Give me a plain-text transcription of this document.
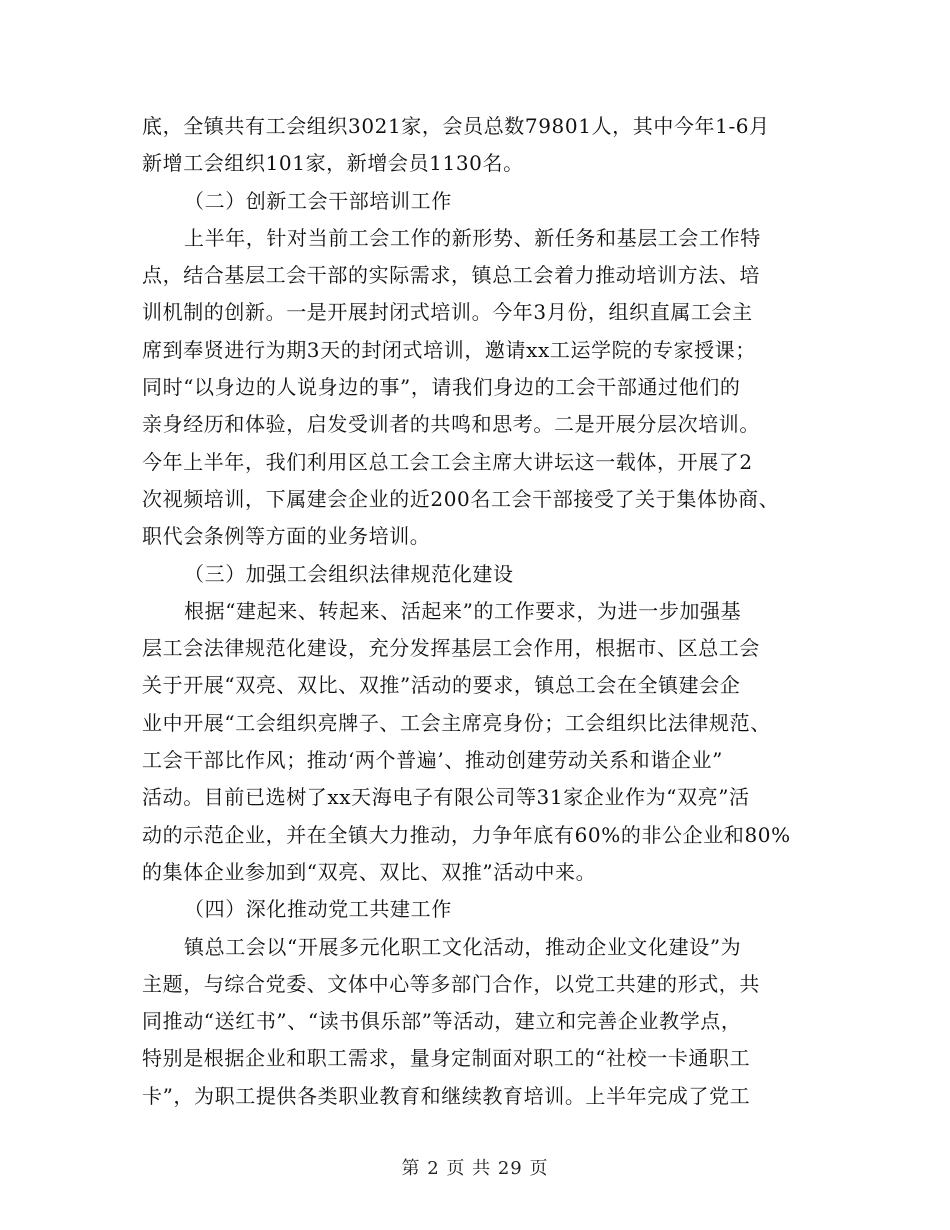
底，全镇共有工会组织3021家，会员总数79801人，其中今年1-6月
新增工会组织101家，新增会员1130名。
（二）创新工会干部培训工作
上半年，针对当前工会工作的新形势、新任务和基层工会工作特
点，结合基层工会干部的实际需求，镇总工会着力推动培训方法、培
训机制的创新。一是开展封闭式培训。今年3月份，组织直属工会主
席到奉贤进行为期3天的封闭式培训，邀请xx工运学院的专家授课；
同时“以身边的人说身边的事”，请我们身边的工会干部通过他们的
亲身经历和体验，启发受训者的共鸣和思考。二是开展分层次培训。
今年上半年，我们利用区总工会工会主席大讲坛这一载体，开展了2
次视频培训，下属建会企业的近200名工会干部接受了关于集体协商、
职代会条例等方面的业务培训。
（三）加强工会组织法律规范化建设
根据“建起来、转起来、活起来”的工作要求，为进一步加强基
层工会法律规范化建设，充分发挥基层工会作用，根据市、区总工会
关于开展“双亮、双比、双推”活动的要求，镇总工会在全镇建会企
业中开展“工会组织亮牌子、工会主席亮身份；工会组织比法律规范、
工会干部比作风；推动‘两个普遍’、推动创建劳动关系和谐企业”
活动。目前已选树了xx天海电子有限公司等31家企业作为“双亮”活
动的示范企业，并在全镇大力推动，力争年底有60%的非公企业和80%
的集体企业参加到“双亮、双比、双推”活动中来。
（四）深化推动党工共建工作
镇总工会以“开展多元化职工文化活动，推动企业文化建设”为
主题，与综合党委、文体中心等多部门合作，以党工共建的形式，共
同推动“送红书”、“读书俱乐部”等活动，建立和完善企业教学点，
特别是根据企业和职工需求，量身定制面对职工的“社校一卡通职工
卡”，为职工提供各类职业教育和继续教育培训。上半年完成了党工
第 2 页 共 29 页
